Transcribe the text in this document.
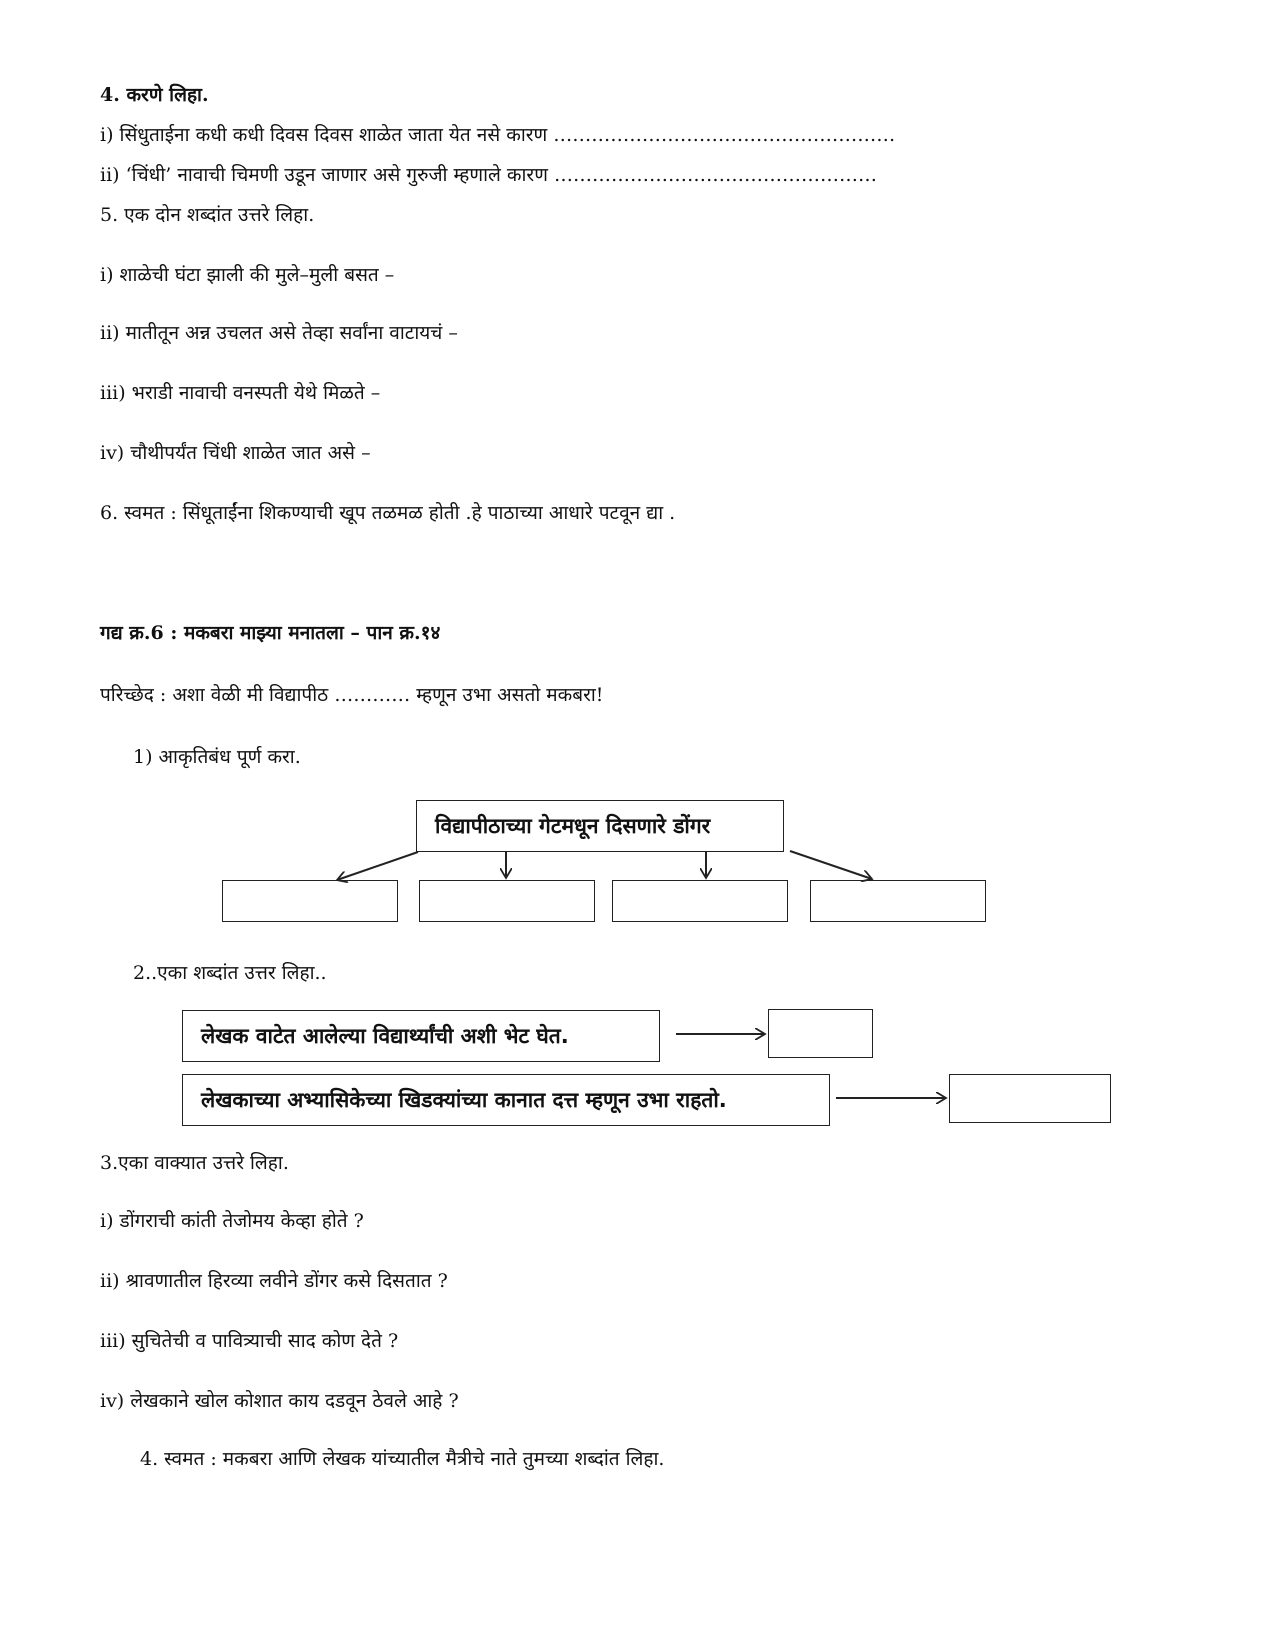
4. करणे लिहा.
i) सिंधुताईना कधी कधी दिवस दिवस शाळेत जाता येत नसे कारण ………………………………………………
ii) ‘चिंधी’ नावाची चिमणी उडून जाणार असे गुरुजी म्हणाले कारण ……………………………………………
5. एक दोन शब्दांत उत्तरे लिहा.
i) शाळेची घंटा झाली की मुले–मुली बसत –
ii) मातीतून अन्न उचलत असे तेव्हा सर्वांना वाटायचं –
iii) भराडी नावाची वनस्पती येथे मिळते –
iv) चौथीपर्यंत चिंधी शाळेत जात असे –
6. स्वमत : सिंधूताईंना शिकण्याची खूप तळमळ होती .हे पाठाच्या आधारे पटवून द्या .
गद्य क्र.6 : मकबरा माझ्या मनातला – पान क्र.१४
परिच्छेद : अशा वेळी मी विद्यापीठ ………… म्हणून उभा असतो मकबरा!
1) आकृतिबंध पूर्ण करा.
विद्यापीठाच्या गेटमधून दिसणारे डोंगर
2..एका शब्दांत उत्तर लिहा..
लेखक वाटेत आलेल्या विद्यार्थ्यांची अशी भेट घेत.
लेखकाच्या अभ्यासिकेच्या खिडक्यांच्या कानात दत्त म्हणून उभा राहतो.
3.एका वाक्यात उत्तरे लिहा.
i) डोंगराची कांती तेजोमय केव्हा होते ?
ii) श्रावणातील हिरव्या लवीने डोंगर कसे दिसतात ?
iii) सुचितेची व पावित्र्याची साद कोण देते ?
iv) लेखकाने खोल कोशात काय दडवून ठेवले आहे ?
4. स्वमत : मकबरा आणि लेखक यांच्यातील मैत्रीचे नाते तुमच्या शब्दांत लिहा.
